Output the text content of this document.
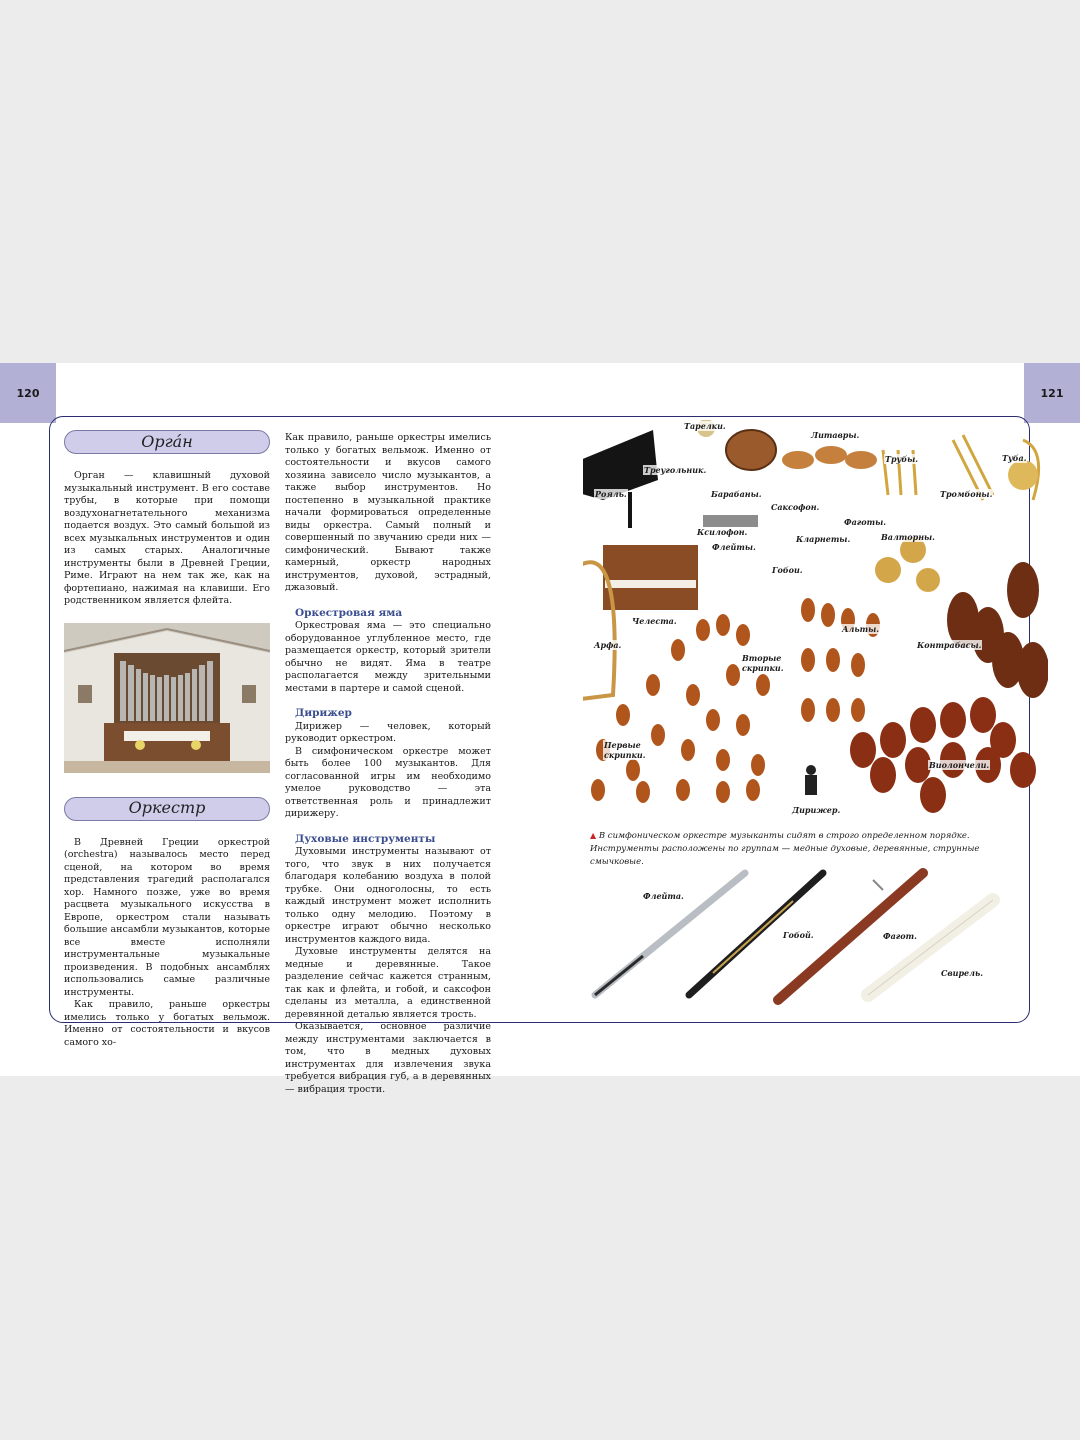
120	121
Орга́н

Орган — клавишный духовой музыкальный инструмент. В его составе трубы, в которые при помощи воздухонагнетательного механизма подается воздух. Это самый большой из всех музыкальных инструментов и один из самых старых. Аналогичные инструменты были в Древней Греции, Риме. Играют на нем так же, как на фортепиано, нажимая на клавиши. Его родственником является флейта.

Оркестр

В Древней Греции оркестрой (orchestra) называлось место перед сценой, на котором во время представления трагедий располагался хор. Намного позже, уже во время расцвета музыкального искусства в Европе, оркестром стали называть большие ансамбли музыкантов, которые все вместе исполняли инструментальные музыкальные произведения. В подобных ансамблях использовались самые различные инструменты.

Как правило, раньше оркестры имелись только у богатых вельмож. Именно от состоятельности и вкусов самого хо-

Как правило, раньше оркестры имелись только у богатых вельмож. Именно от состоятельности и вкусов самого хозяина зависело число музыкантов, а также выбор инструментов. Но постепенно в музыкальной практике начали формироваться определенные виды оркестра. Самый полный и совершенный по звучанию среди них — симфонический. Бывают также камерный, оркестр народных инструментов, духовой, эстрадный, джазовый.

Оркестровая яма

Оркестровая яма — это специально оборудованное углубленное место, где размещается оркестр, который зрители обычно не видят. Яма в театре располагается между зрительными местами в партере и самой сценой.

Дирижер

Дирижер — человек, который руководит оркестром.

В симфоническом оркестре может быть более 100 музыкантов. Для согласованной игры им необходимо умелое руководство — эта ответственная роль и принадлежит дирижеру.

Духовые инструменты

Духовыми инструменты называют от того, что звук в них получается благодаря колебанию воздуха в полой трубке. Они одноголосны, то есть каждый инструмент может исполнить только одну мелодию. Поэтому в оркестре играют обычно несколько инструментов каждого вида.

Духовые инструменты делятся на медные и деревянные. Такое разделение сейчас кажется странным, так как и флейта, и гобой, и саксофон сделаны из металла, а единственной деревянной деталью является трость.

Оказывается, основное различие между инструментами заключается в том, что в медных духовых инструментах для извлечения звука требуется вибрация губ, а в деревянных — вибрация трости.

Тарелки.
Литавры.
Треугольник.
Трубы.	Туба.
Рояль.	Барабаны.	Тромбоны.
Саксофон.
Фаготы.
Ксилофон.
Кларнеты.	Валторны.
Гобои.
Флейты.
Челеста.
Альты.
Арфа.	Контрабасы.
Вторые скрипки.
Первые скрипки.
Виолончели.
Дирижер.
▲ В симфоническом оркестре музыканты сидят в строго определенном порядке. Инструменты расположены по группам — медные духовые, деревянные, струнные смычковые.
Флейта.
Гобой.	Фагот.
Свирель.
